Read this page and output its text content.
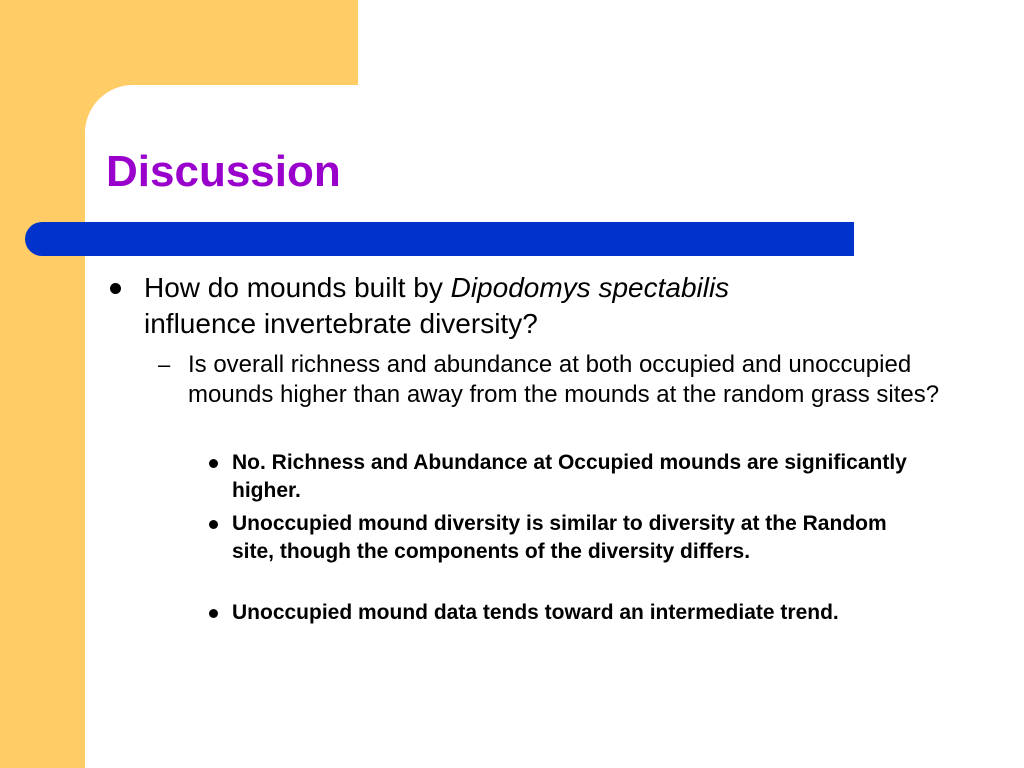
Discussion
How do mounds built by Dipodomys spectabilis
influence invertebrate diversity?
– Is overall richness and abundance at both occupied and unoccupied mounds higher than away from the mounds at the random grass sites?
No. Richness and Abundance at Occupied mounds are significantly higher.
Unoccupied mound diversity is similar to diversity at the Random site, though the components of the diversity differs.
Unoccupied mound data tends toward an intermediate trend.
